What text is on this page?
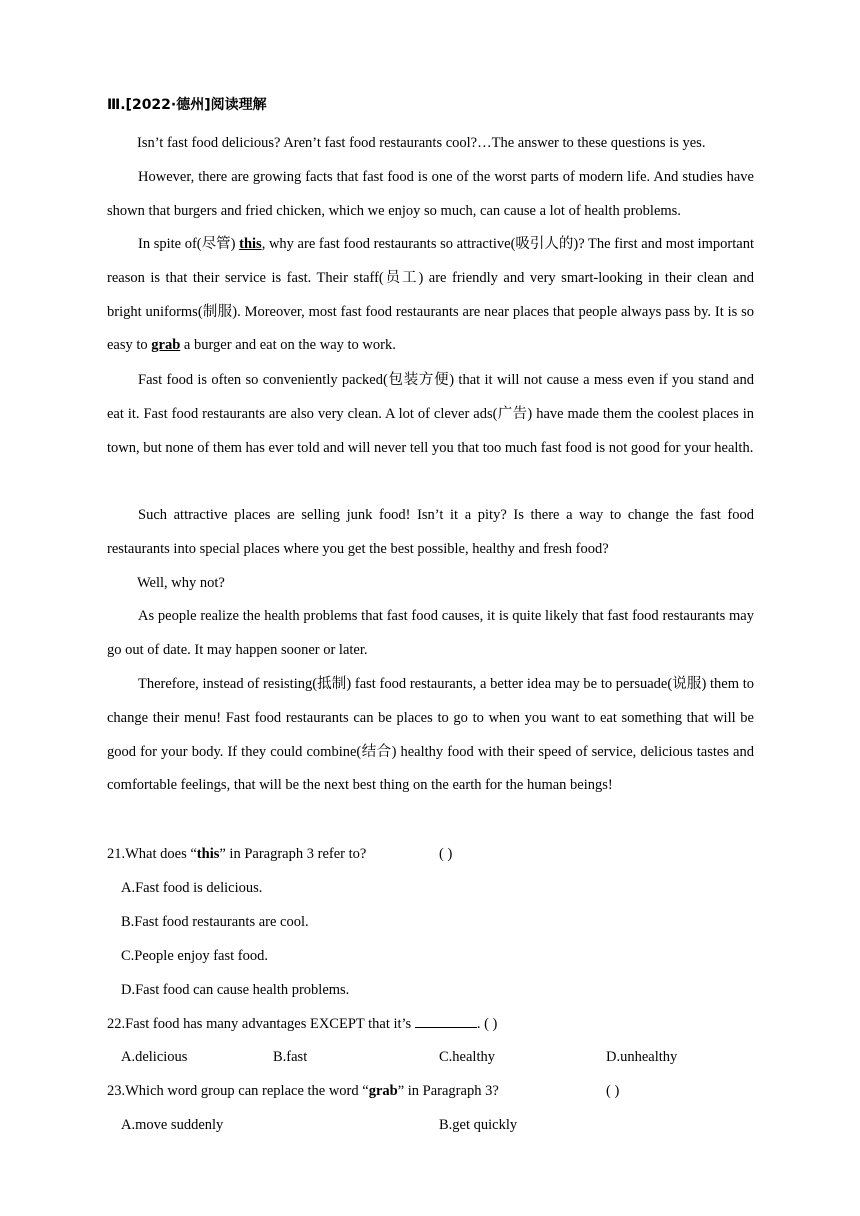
Ⅲ.[2022·德州]阅读理解

Isn’t fast food delicious? Aren’t fast food restaurants cool?…The answer to these questions is yes.

However, there are growing facts that fast food is one of the worst parts of modern life. And studies have shown that burgers and fried chicken, which we enjoy so much, can cause a lot of health problems.

In spite of(尽管) this, why are fast food restaurants so attractive(吸引人的)? The first and most important reason is that their service is fast. Their staff(员工) are friendly and very smart-looking in their clean and bright uniforms(制服). Moreover, most fast food restaurants are near places that people always pass by. It is so easy to grab a burger and eat on the way to work.

Fast food is often so conveniently packed(包装方便) that it will not cause a mess even if you stand and eat it. Fast food restaurants are also very clean. A lot of clever ads(广告) have made them the coolest places in town, but none of them has ever told and will never tell you that too much fast food is not good for your health.

Such attractive places are selling junk food! Isn’t it a pity? Is there a way to change the fast food restaurants into special places where you get the best possible, healthy and fresh food?

Well, why not?

As people realize the health problems that fast food causes, it is quite likely that fast food restaurants may go out of date. It may happen sooner or later.

Therefore, instead of resisting(抵制) fast food restaurants, a better idea may be to persuade(说服) them to change their menu! Fast food restaurants can be places to go to when you want to eat something that will be good for your body. If they could combine(结合) healthy food with their speed of service, delicious tastes and comfortable feelings, that will be the next best thing on the earth for the human beings!

21.What does “this” in Paragraph 3 refer to?	( )
A.Fast food is delicious.
B.Fast food restaurants are cool.
C.People enjoy fast food.
D.Fast food can cause health problems.
22.Fast food has many advantages EXCEPT that it’s	. ( )
A.delicious	B.fast	C.healthy	D.unhealthy
23.Which word group can replace the word “grab” in Paragraph 3?	( )
A.move suddenly	B.get quickly
